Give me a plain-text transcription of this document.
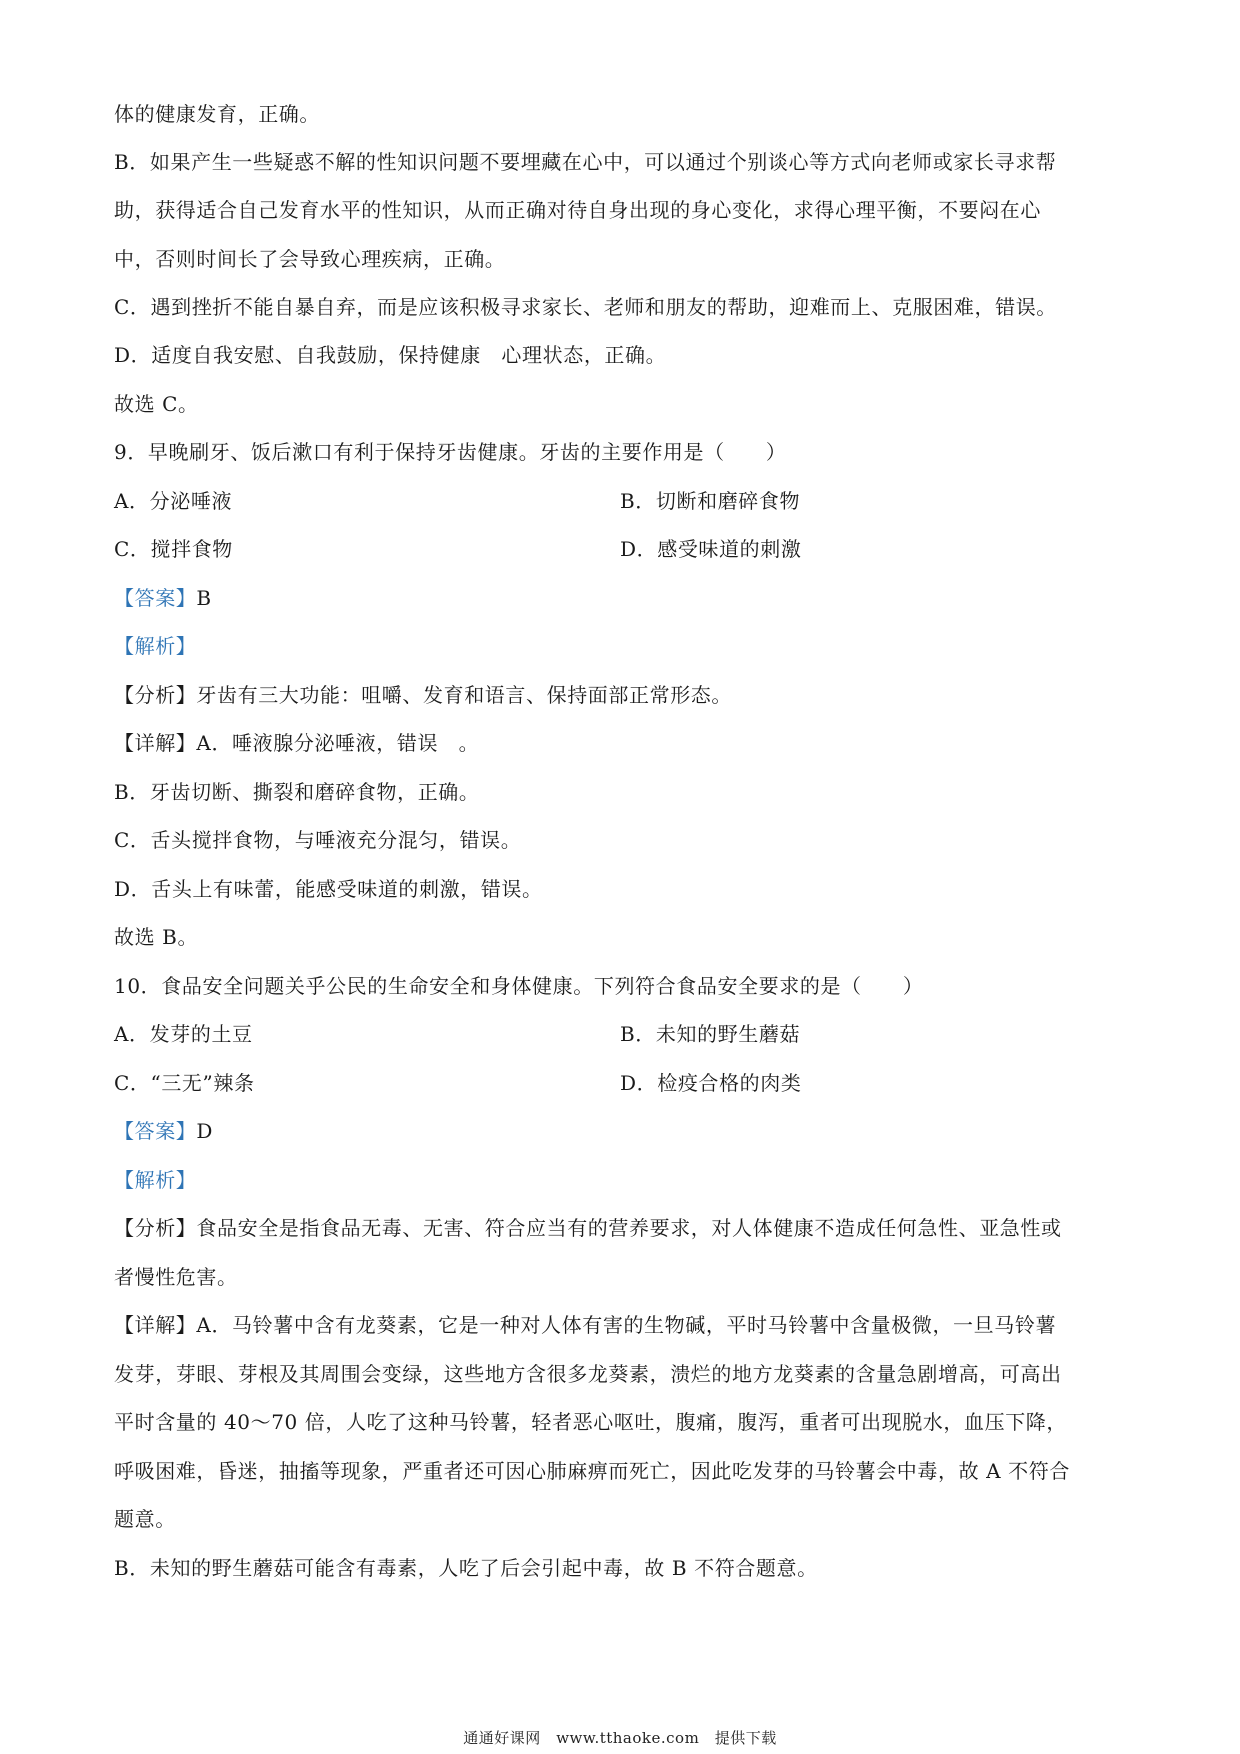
体的健康发育，正确。
B．如果产生一些疑惑不解的性知识问题不要埋藏在心中，可以通过个别谈心等方式向老师或家长寻求帮
助，获得适合自己发育水平的性知识，从而正确对待自身出现的身心变化，求得心理平衡，不要闷在心
中，否则时间长了会导致心理疾病，正确。
C．遇到挫折不能自暴自弃，而是应该积极寻求家长、老师和朋友的帮助，迎难而上、克服困难，错误。
D．适度自我安慰、自我鼓励，保持健康　心理状态，正确。
故选 C。
9．早晚刷牙、饭后漱口有利于保持牙齿健康。牙齿的主要作用是（　　）
A．分泌唾液	B．切断和磨碎食物
C．搅拌食物	D．感受味道的刺激
【答案】B
【解析】
【分析】牙齿有三大功能：咀嚼、发育和语言、保持面部正常形态。
【详解】A．唾液腺分泌唾液，错误　。
B．牙齿切断、撕裂和磨碎食物，正确。
C．舌头搅拌食物，与唾液充分混匀，错误。
D．舌头上有味蕾，能感受味道的刺激，错误。
故选 B。
10．食品安全问题关乎公民的生命安全和身体健康。下列符合食品安全要求的是（　　）
A．发芽的土豆	B．未知的野生蘑菇
C．“三无”辣条	D．检疫合格的肉类
【答案】D
【解析】
【分析】食品安全是指食品无毒、无害、符合应当有的营养要求，对人体健康不造成任何急性、亚急性或
者慢性危害。
【详解】A．马铃薯中含有龙葵素，它是一种对人体有害的生物碱，平时马铃薯中含量极微，一旦马铃薯
发芽，芽眼、芽根及其周围会变绿，这些地方含很多龙葵素，溃烂的地方龙葵素的含量急剧增高，可高出
平时含量的 40～70 倍，人吃了这种马铃薯，轻者恶心呕吐，腹痛，腹泻，重者可出现脱水，血压下降，
呼吸困难，昏迷，抽搐等现象，严重者还可因心肺麻痹而死亡，因此吃发芽的马铃薯会中毒，故 A 不符合
题意。
B．未知的野生蘑菇可能含有毒素，人吃了后会引起中毒，故 B 不符合题意。
通通好课网　www.tthaoke.com　提供下载
